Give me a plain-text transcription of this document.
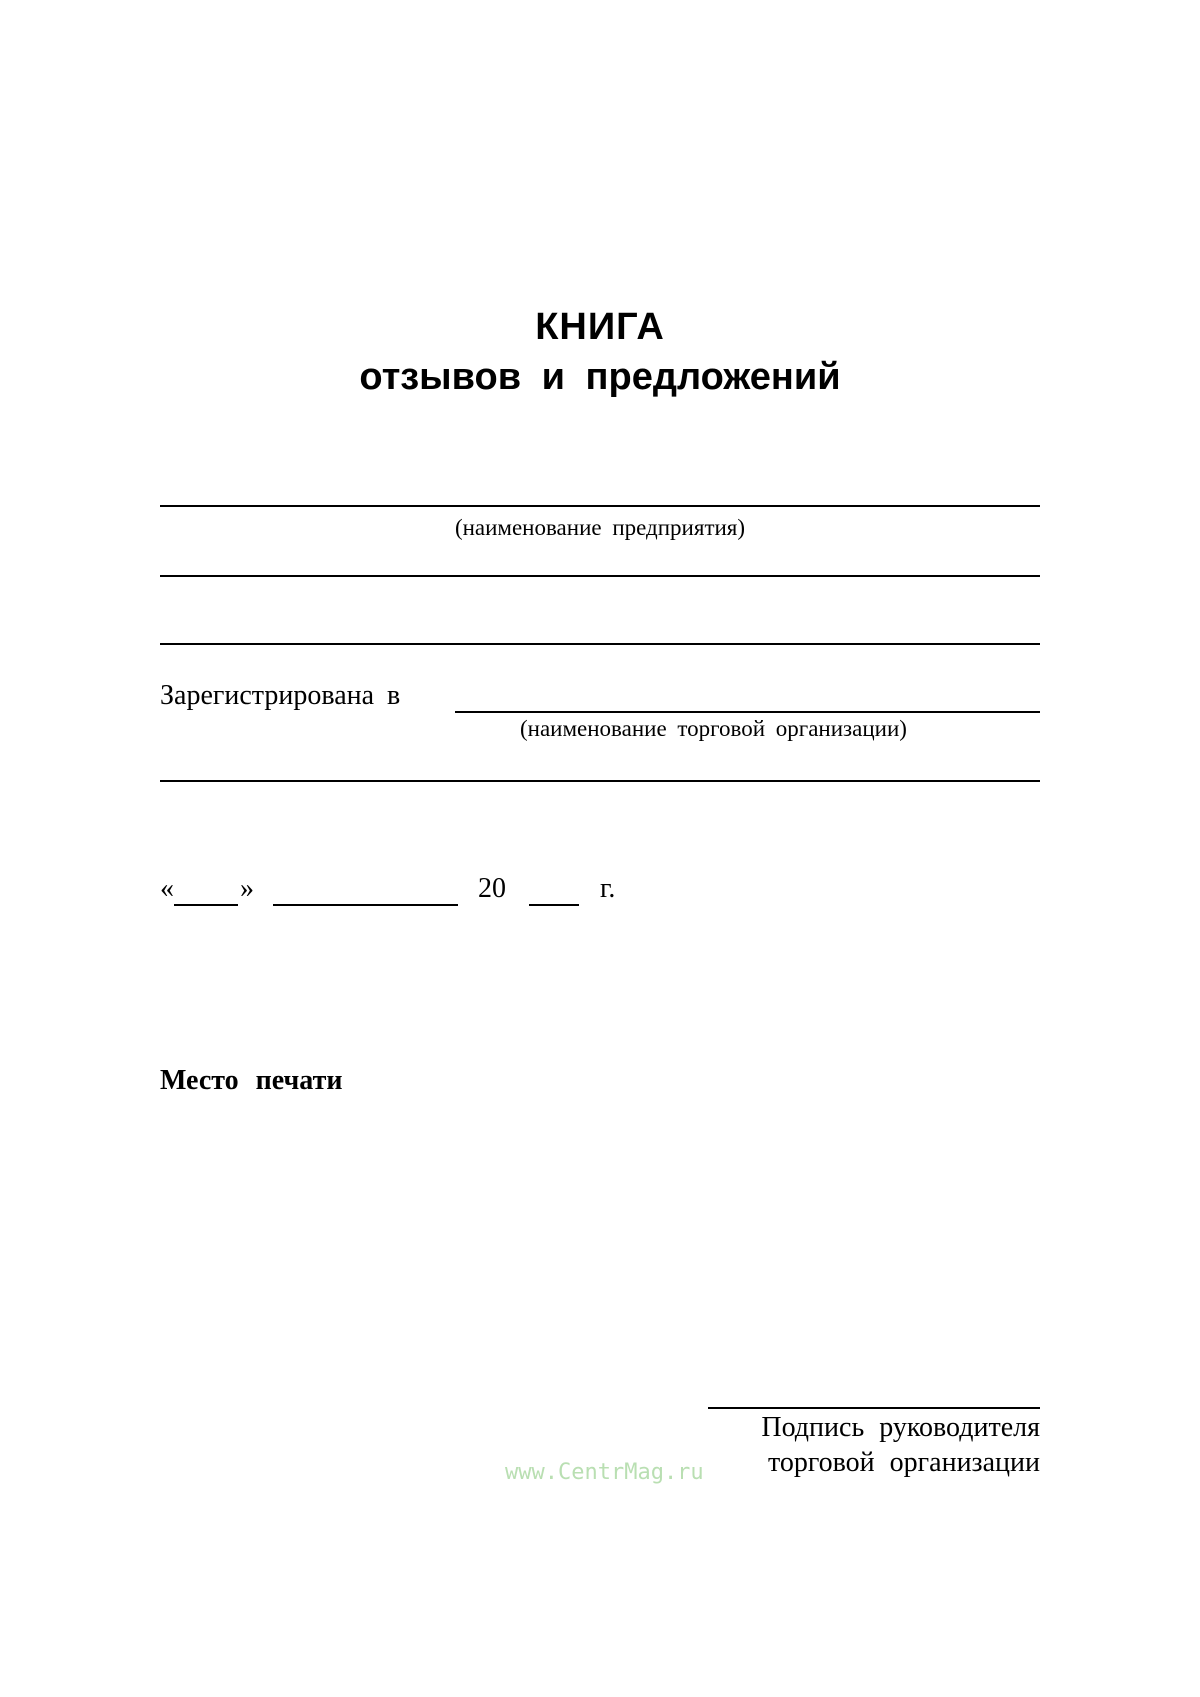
КНИГА
отзывов и предложений
(наименование предприятия)
Зарегистрирована в
(наименование торговой организации)
« »	20	г.
Место печати
Подпись руководителя
торговой организации
www.CentrMag.ru
